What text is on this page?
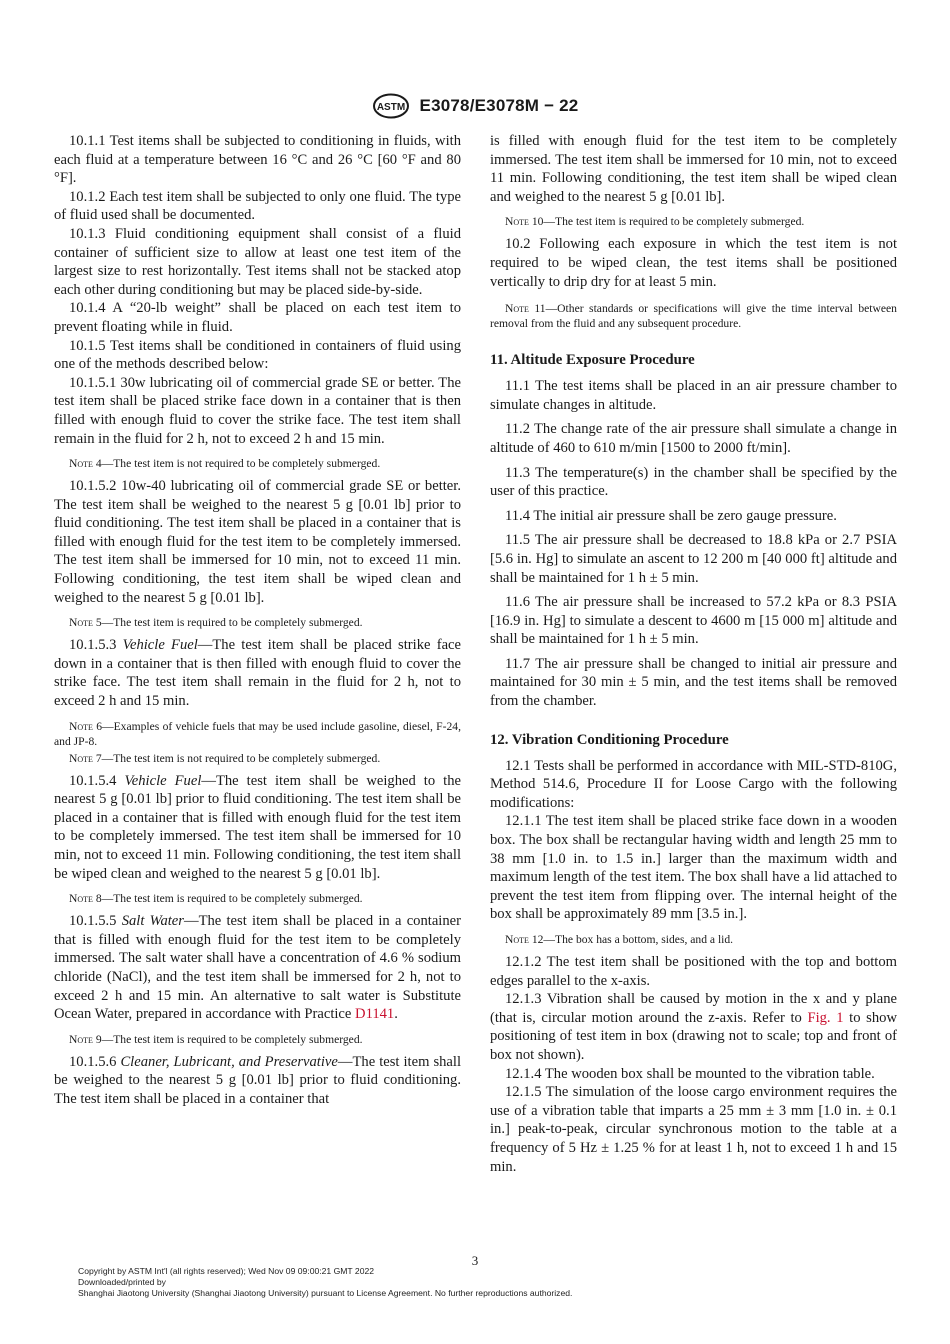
ASTM E3078/E3078M − 22

10.1.1 Test items shall be subjected to conditioning in fluids, with each fluid at a temperature between 16 °C and 26 °C [60 °F and 80 °F].

10.1.2 Each test item shall be subjected to only one fluid. The type of fluid used shall be documented.

10.1.3 Fluid conditioning equipment shall consist of a fluid container of sufficient size to allow at least one test item of the largest size to rest horizontally. Test items shall not be stacked atop each other during conditioning but may be placed side-by-side.

10.1.4 A “20-lb weight” shall be placed on each test item to prevent floating while in fluid.

10.1.5 Test items shall be conditioned in containers of fluid using one of the methods described below:

10.1.5.1 30w lubricating oil of commercial grade SE or better. The test item shall be placed strike face down in a container that is then filled with enough fluid to cover the strike face. The test item shall remain in the fluid for 2 h, not to exceed 2 h and 15 min.

Note 4—The test item is not required to be completely submerged.

10.1.5.2 10w-40 lubricating oil of commercial grade SE or better. The test item shall be weighed to the nearest 5 g [0.01 lb] prior to fluid conditioning. The test item shall be placed in a container that is filled with enough fluid for the test item to be completely immersed. The test item shall be immersed for 10 min, not to exceed 11 min. Following conditioning, the test item shall be wiped clean and weighed to the nearest 5 g [0.01 lb].

Note 5—The test item is required to be completely submerged.

10.1.5.3 Vehicle Fuel—The test item shall be placed strike face down in a container that is then filled with enough fluid to cover the strike face. The test item shall remain in the fluid for 2 h, not to exceed 2 h and 15 min.

Note 6—Examples of vehicle fuels that may be used include gasoline, diesel, F-24, and JP-8.
Note 7—The test item is not required to be completely submerged.

10.1.5.4 Vehicle Fuel—The test item shall be weighed to the nearest 5 g [0.01 lb] prior to fluid conditioning. The test item shall be placed in a container that is filled with enough fluid for the test item to be completely immersed. The test item shall be immersed for 10 min, not to exceed 11 min. Following conditioning, the test item shall be wiped clean and weighed to the nearest 5 g [0.01 lb].

Note 8—The test item is required to be completely submerged.

10.1.5.5 Salt Water—The test item shall be placed in a container that is filled with enough fluid for the test item to be completely immersed. The salt water shall have a concentration of 4.6 % sodium chloride (NaCl), and the test item shall be immersed for 2 h, not to exceed 2 h and 15 min. An alternative to salt water is Substitute Ocean Water, prepared in accordance with Practice D1141.

Note 9—The test item is required to be completely submerged.

10.1.5.6 Cleaner, Lubricant, and Preservative—The test item shall be weighed to the nearest 5 g [0.01 lb] prior to fluid conditioning. The test item shall be placed in a container that

is filled with enough fluid for the test item to be completely immersed. The test item shall be immersed for 10 min, not to exceed 11 min. Following conditioning, the test item shall be wiped clean and weighed to the nearest 5 g [0.01 lb].

Note 10—The test item is required to be completely submerged.

10.2 Following each exposure in which the test item is not required to be wiped clean, the test items shall be positioned vertically to drip dry for at least 5 min.

Note 11—Other standards or specifications will give the time interval between removal from the fluid and any subsequent procedure.
11. Altitude Exposure Procedure

11.1 The test items shall be placed in an air pressure chamber to simulate changes in altitude.

11.2 The change rate of the air pressure shall simulate a change in altitude of 460 to 610 m/min [1500 to 2000 ft/min].

11.3 The temperature(s) in the chamber shall be specified by the user of this practice.

11.4 The initial air pressure shall be zero gauge pressure.

11.5 The air pressure shall be decreased to 18.8 kPa or 2.7 PSIA [5.6 in. Hg] to simulate an ascent to 12 200 m [40 000 ft] altitude and shall be maintained for 1 h ± 5 min.

11.6 The air pressure shall be increased to 57.2 kPa or 8.3 PSIA [16.9 in. Hg] to simulate a descent to 4600 m [15 000 m] altitude and shall be maintained for 1 h ± 5 min.

11.7 The air pressure shall be changed to initial air pressure and maintained for 30 min ± 5 min, and the test items shall be removed from the chamber.

12. Vibration Conditioning Procedure

12.1 Tests shall be performed in accordance with MIL-STD-810G, Method 514.6, Procedure II for Loose Cargo with the following modifications:

12.1.1 The test item shall be placed strike face down in a wooden box. The box shall be rectangular having width and length 25 mm to 38 mm [1.0 in. to 1.5 in.] larger than the maximum width and maximum length of the test item. The box shall have a lid attached to prevent the test item from flipping over. The internal height of the box shall be approximately 89 mm [3.5 in.].

Note 12—The box has a bottom, sides, and a lid.

12.1.2 The test item shall be positioned with the top and bottom edges parallel to the x-axis.

12.1.3 Vibration shall be caused by motion in the x and y plane (that is, circular motion around the z-axis. Refer to Fig. 1 to show positioning of test item in box (drawing not to scale; top and front of box not shown).

12.1.4 The wooden box shall be mounted to the vibration table.

12.1.5 The simulation of the loose cargo environment requires the use of a vibration table that imparts a 25 mm ± 3 mm [1.0 in. ± 0.1 in.] peak-to-peak, circular synchronous motion to the table at a frequency of 5 Hz ± 1.25 % for at least 1 h, not to exceed 1 h and 15 min.

3
Copyright by ASTM Int'l (all rights reserved); Wed Nov 09 09:00:21 GMT 2022
Downloaded/printed by
Shanghai Jiaotong University (Shanghai Jiaotong University) pursuant to License Agreement. No further reproductions authorized.
